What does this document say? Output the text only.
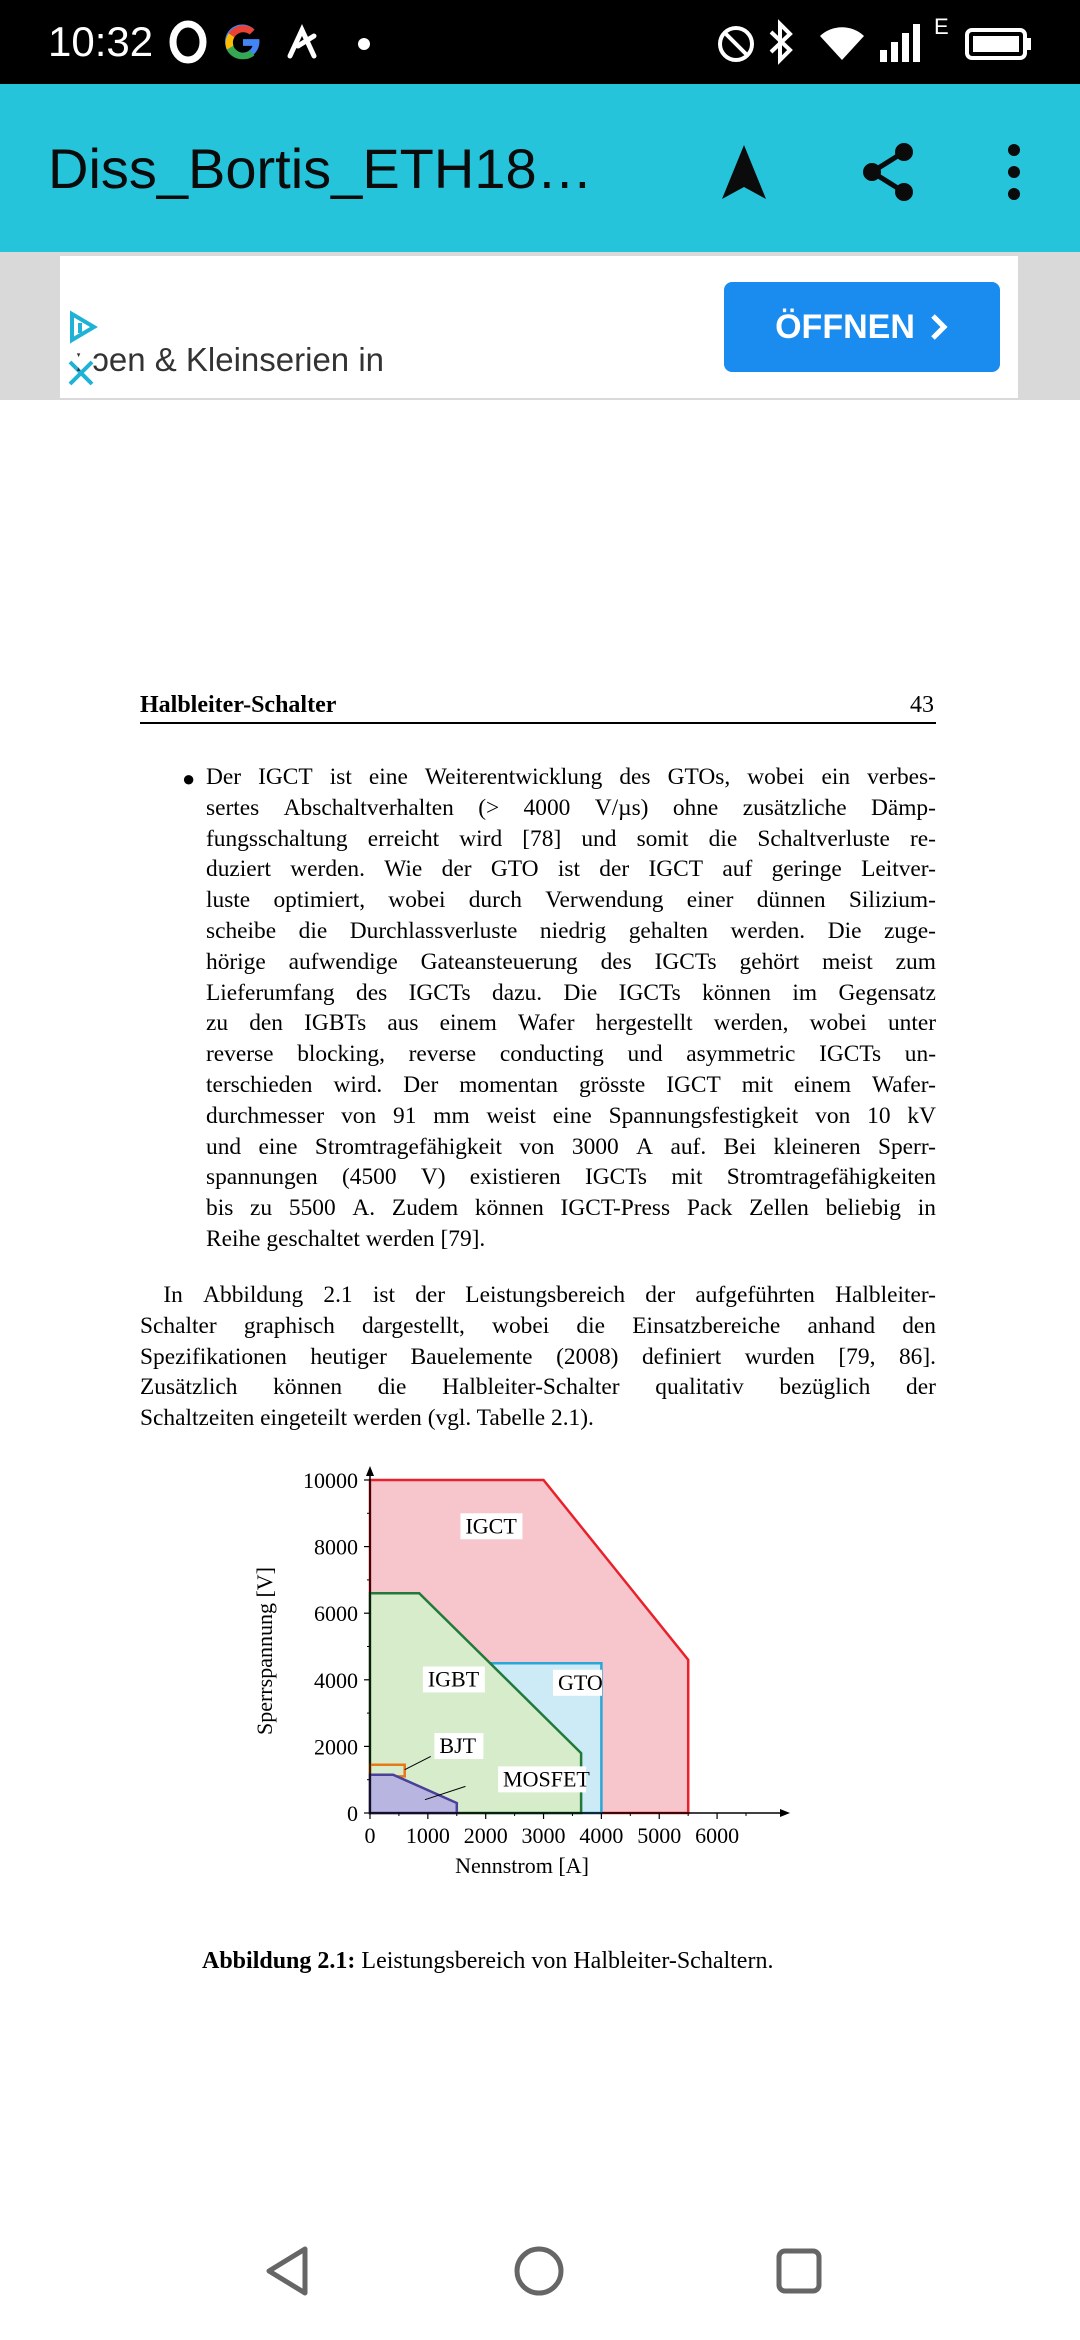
10:32	E
Diss_Bortis_ETH18…

ː ɔen & Kleinserien in

ÖFFNEN
Halbleiter-Schalter	43
● Der IGCT ist eine Weiterentwicklung des GTOs, wobei ein verbes-
sertes Abschaltverhalten (> 4000 V/µs) ohne zusätzliche Dämp-
fungsschaltung erreicht wird [78] und somit die Schaltverluste re-
duziert werden. Wie der GTO ist der IGCT auf geringe Leitver-
luste optimiert, wobei durch Verwendung einer dünnen Silizium-
scheibe die Durchlassverluste niedrig gehalten werden. Die zuge-
hörige aufwendige Gateansteuerung des IGCTs gehört meist zum
Lieferumfang des IGCTs dazu. Die IGCTs können im Gegensatz
zu den IGBTs aus einem Wafer hergestellt werden, wobei unter
reverse blocking, reverse conducting und asymmetric IGCTs un-
terschieden wird. Der momentan grösste IGCT mit einem Wafer-
durchmesser von 91 mm weist eine Spannungsfestigkeit von 10 kV
und eine Stromtragefähigkeit von 3000 A auf. Bei kleineren Sperr-
spannungen (4500 V) existieren IGCTs mit Stromtragefähigkeiten
bis zu 5500 A. Zudem können IGCT-Press Pack Zellen beliebig in
Reihe geschaltet werden [79].
In Abbildung 2.1 ist der Leistungsbereich der aufgeführten Halbleiter-
Schalter graphisch dargestellt, wobei die Einsatzbereiche anhand den
Spezifikationen heutiger Bauelemente (2008) definiert wurden [79, 86].
Zusätzlich können die Halbleiter-Schalter qualitativ bezüglich der
Schaltzeiten eingeteilt werden (vgl. Tabelle 2.1).
0 1000 2000 3000 4000 5000 6000
0
2000
4000
6000
8000
10000
Nennstrom [A]
Sperrspannung [V]
IGCT
IGBT	GTO
BJT
MOSFET
Abbildung 2.1: Leistungsbereich von Halbleiter-Schaltern.
